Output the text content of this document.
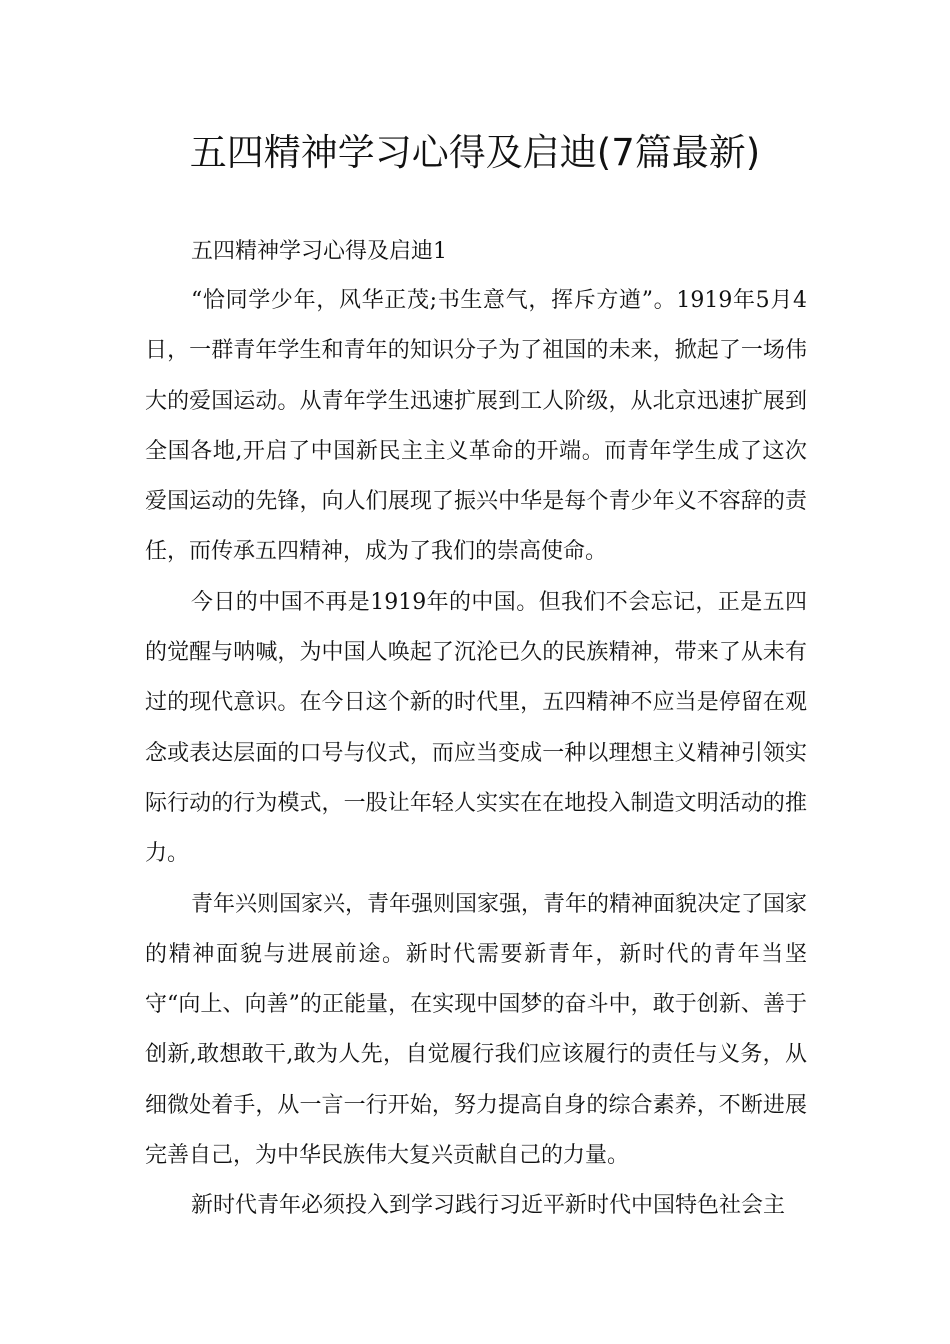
五四精神学习心得及启迪(7篇最新)

五四精神学习心得及启迪1

“恰同学少年，风华正茂;书生意气，挥斥方遒”。1919年5月4日，一群青年学生和青年的知识分子为了祖国的未来，掀起了一场伟大的爱国运动。从青年学生迅速扩展到工人阶级，从北京迅速扩展到全国各地,开启了中国新民主主义革命的开端。而青年学生成了这次爱国运动的先锋，向人们展现了振兴中华是每个青少年义不容辞的责任，而传承五四精神，成为了我们的崇高使命。

今日的中国不再是1919年的中国。但我们不会忘记，正是五四的觉醒与呐喊，为中国人唤起了沉沦已久的民族精神，带来了从未有过的现代意识。在今日这个新的时代里，五四精神不应当是停留在观念或表达层面的口号与仪式，而应当变成一种以理想主义精神引领实际行动的行为模式，一股让年轻人实实在在地投入制造文明活动的推力。

青年兴则国家兴，青年强则国家强，青年的精神面貌决定了国家的精神面貌与进展前途。新时代需要新青年，新时代的青年当坚守“向上、向善”的正能量，在实现中国梦的奋斗中，敢于创新、善于创新,敢想敢干,敢为人先，自觉履行我们应该履行的责任与义务，从细微处着手，从一言一行开始，努力提高自身的综合素养，不断进展完善自己，为中华民族伟大复兴贡献自己的力量。

新时代青年必须投入到学习践行习近平新时代中国特色社会主
